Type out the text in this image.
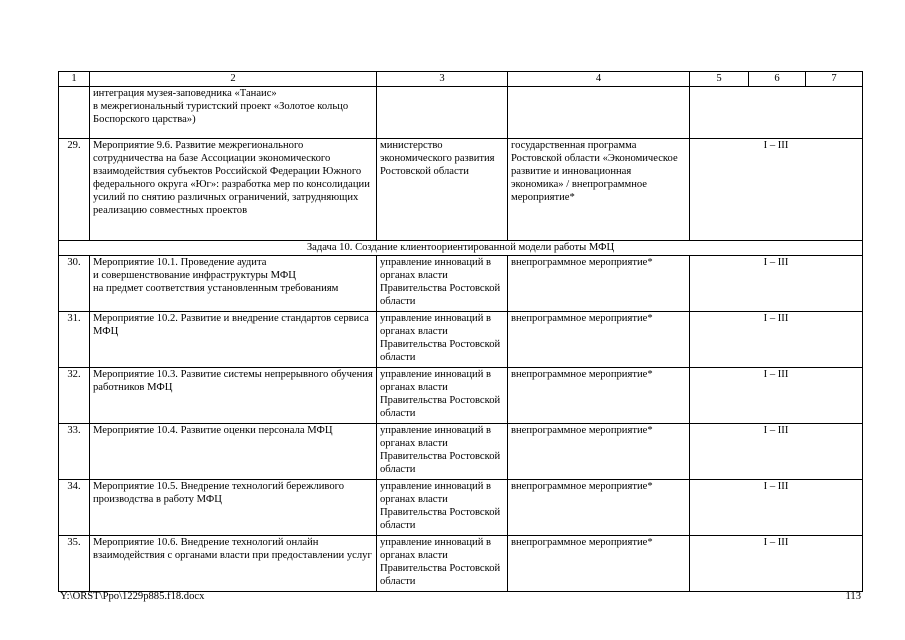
1	2	3	4	5	6	7
	интеграция музея-заповедника «Танаис»
в межрегиональный туристский проект «Золотое кольцо Боспорского царства»)					
29.	Мероприятие 9.6. Развитие межрегионального сотрудничества на базе Ассоциации экономического взаимодействия субъектов Российской Федерации Южного федерального округа «Юг»: разработка мер по консолидации усилий по снятию различных ограничений, затрудняющих реализацию совместных проектов	министерство экономического развития Ростовской области	государственная программа Ростовской области «Экономическое развитие и инновационная экономика» / внепрограммное мероприятие*	I – III		
Задача 10. Создание клиентоориентированной модели работы МФЦ						
30.	Мероприятие 10.1. Проведение аудита
и совершенствование инфраструктуры МФЦ
на предмет соответствия установленным требованиям	управление инноваций в органах власти Правительства Ростовской области	внепрограммное мероприятие*	I – III		
31.	Мероприятие 10.2. Развитие и внедрение стандартов сервиса МФЦ	управление инноваций в органах власти Правительства Ростовской области	внепрограммное мероприятие*	I – III		
32.	Мероприятие 10.3. Развитие системы непрерывного обучения работников МФЦ	управление инноваций в органах власти Правительства Ростовской области	внепрограммное мероприятие*	I – III		
33.	Мероприятие 10.4. Развитие оценки персонала МФЦ	управление инноваций в органах власти Правительства Ростовской области	внепрограммное мероприятие*	I – III		
34.	Мероприятие 10.5. Внедрение технологий бережливого производства в работу МФЦ	управление инноваций в органах власти Правительства Ростовской области	внепрограммное мероприятие*	I – III		
35.	Мероприятие 10.6. Внедрение технологий онлайн взаимодействия с органами власти при предоставлении услуг	управление инноваций в органах власти Правительства Ростовской области	внепрограммное мероприятие*	I – III		
Y:\ORST\Ppo\1229p885.f18.docx	113
